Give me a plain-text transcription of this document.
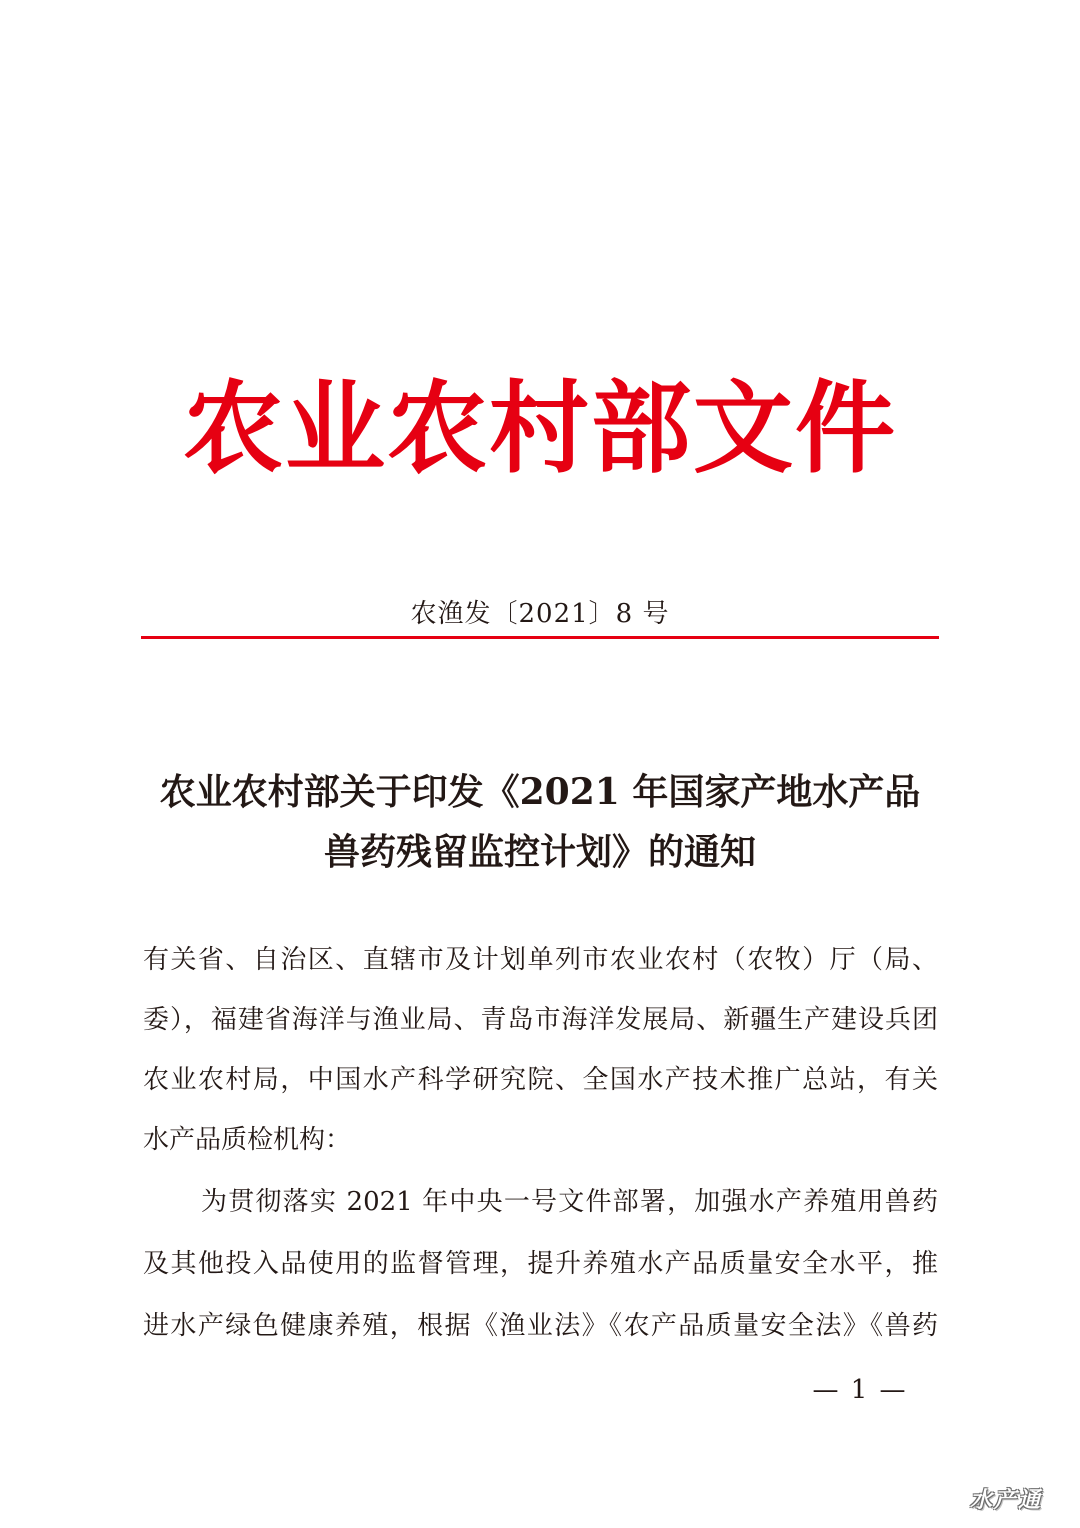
农业农村部文件
农渔发〔2021〕8 号
农业农村部关于印发《2021 年国家产地水产品
兽药残留监控计划》的通知
有关省、自治区、直辖市及计划单列市农业农村（农牧）厅（局、
委），福建省海洋与渔业局、青岛市海洋发展局、新疆生产建设兵团
农业农村局，中国水产科学研究院、全国水产技术推广总站，有关
水产品质检机构：
为贯彻落实 2021 年中央一号文件部署，加强水产养殖用兽药
及其他投入品使用的监督管理，提升养殖水产品质量安全水平，推
进水产绿色健康养殖，根据《渔业法》《农产品质量安全法》《兽药
— 1 —
水产通
